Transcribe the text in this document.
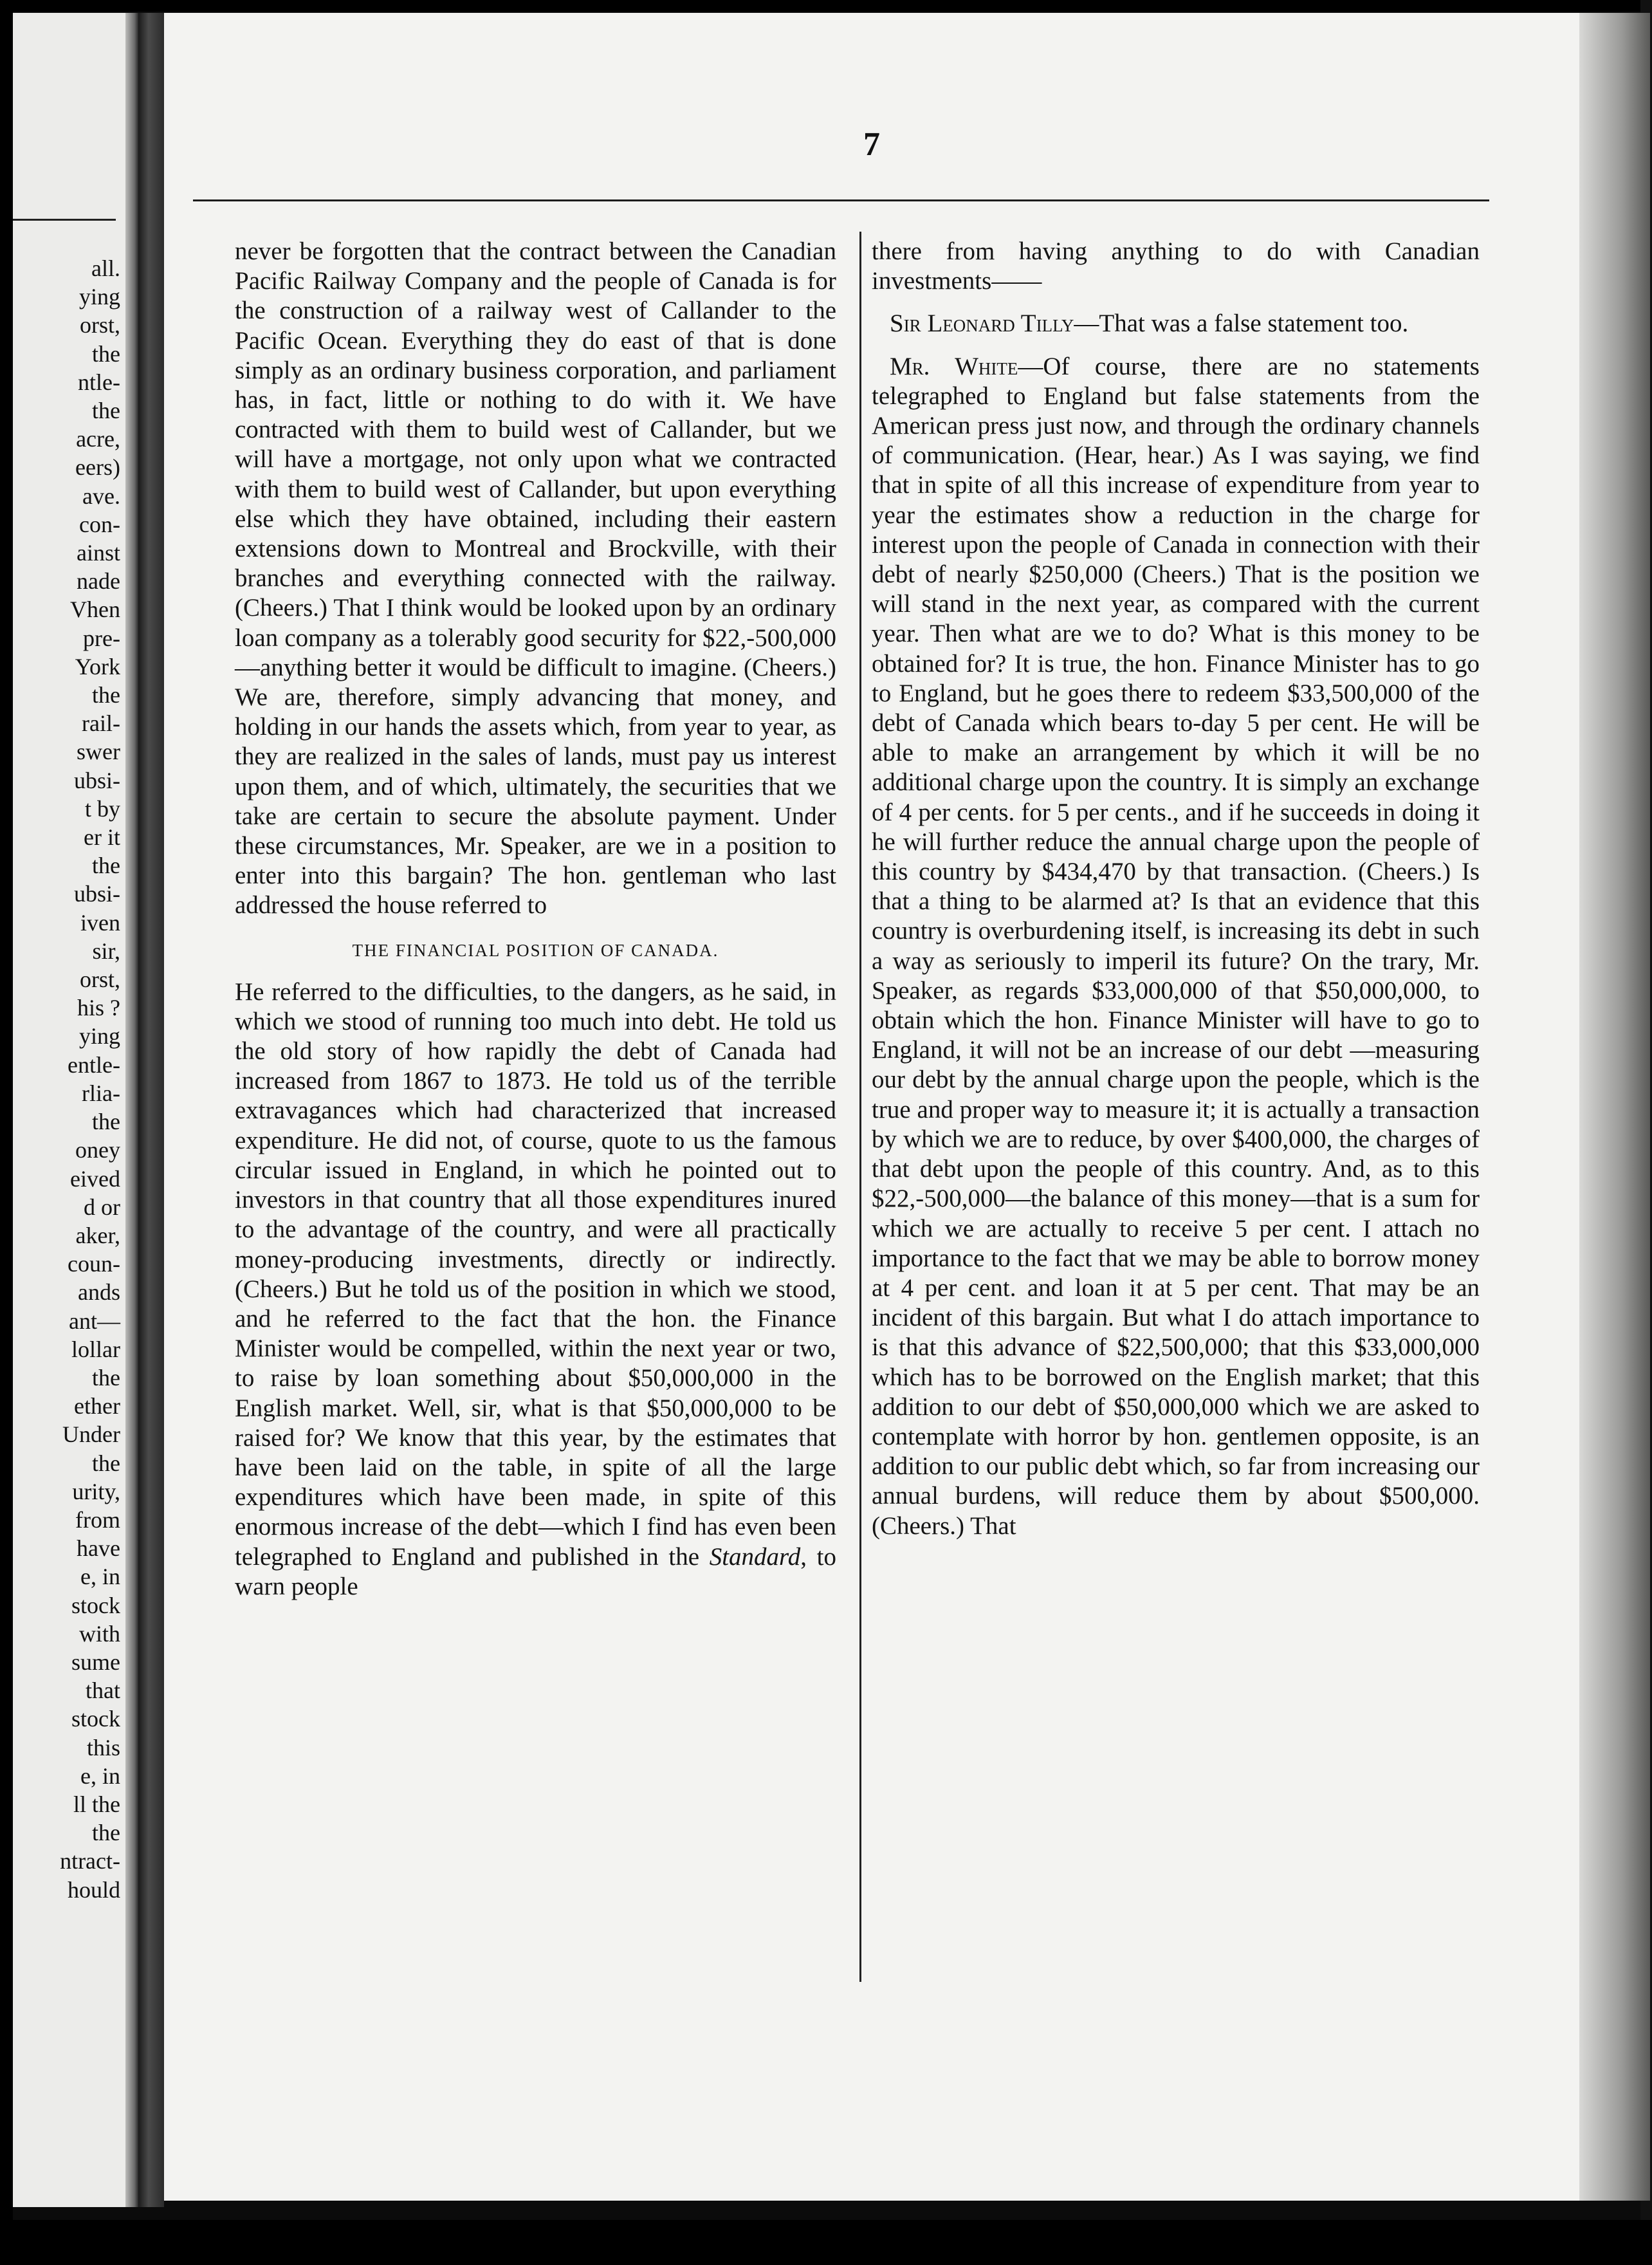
all.
ying
orst,
the
ntle-
the
acre,
eers)
ave.
con-
ainst
nade
Vhen
pre-
York
the
rail-
swer
ubsi-
t by
er it
the
ubsi-
iven
sir,
orst,
his ?
ying
entle-
rlia-
the
oney
eived
d or
aker,
coun-
ands
ant—
lollar
the
ether
Under
the
urity,
from
have
e, in
stock
with
sume
that
stock
this
e, in
ll the
the
ntract-
hould
7

never be forgotten that the contract between the Canadian Pacific Railway Company and the people of Canada is for the construction of a railway west of Callander to the Pacific Ocean. Everything they do east of that is done simply as an ordinary business corporation, and parliament has, in fact, little or nothing to do with it. We have contracted with them to build west of Callander, but we will have a mortgage, not only upon what we contracted with them to build west of Callander, but upon everything else which they have obtained, including their eastern extensions down to Montreal and Brockville, with their branches and everything connected with the railway. (Cheers.) That I think would be looked upon by an ordinary loan company as a tolerably good security for $22,-500,000—anything better it would be difficult to imagine. (Cheers.) We are, therefore, simply advancing that money, and holding in our hands the assets which, from year to year, as they are realized in the sales of lands, must pay us interest upon them, and of which, ultimately, the securities that we take are certain to secure the absolute payment. Under these circumstances, Mr. Speaker, are we in a position to enter into this bargain? The hon. gentleman who last addressed the house referred to

THE FINANCIAL POSITION OF CANADA.

He referred to the difficulties, to the dangers, as he said, in which we stood of running too much into debt. He told us the old story of how rapidly the debt of Canada had increased from 1867 to 1873. He told us of the terrible extravagances which had characterized that increased expenditure. He did not, of course, quote to us the famous circular issued in England, in which he pointed out to investors in that country that all those expenditures inured to the advantage of the country, and were all practically money-producing investments, directly or indirectly. (Cheers.) But he told us of the position in which we stood, and he referred to the fact that the hon. the Finance Minister would be compelled, within the next year or two, to raise by loan something about $50,000,000 in the English market. Well, sir, what is that $50,000,000 to be raised for? We know that this year, by the estimates that have been laid on the table, in spite of all the large expenditures which have been made, in spite of this enormous increase of the debt—which I find has even been telegraphed to England and published in the Standard, to warn people

there from having anything to do with Canadian investments——

Sir Leonard Tilly—That was a false statement too.

Mr. White—Of course, there are no statements telegraphed to England but false statements from the American press just now, and through the ordinary channels of communication. (Hear, hear.) As I was saying, we find that in spite of all this increase of expenditure from year to year the estimates show a reduction in the charge for interest upon the people of Canada in connection with their debt of nearly $250,000 (Cheers.) That is the position we will stand in the next year, as compared with the current year. Then what are we to do? What is this money to be obtained for? It is true, the hon. Finance Minister has to go to England, but he goes there to redeem $33,500,000 of the debt of Canada which bears to-day 5 per cent. He will be able to make an arrangement by which it will be no additional charge upon the country. It is simply an exchange of 4 per cents. for 5 per cents., and if he succeeds in doing it he will further reduce the annual charge upon the people of this country by $434,470 by that transaction. (Cheers.) Is that a thing to be alarmed at? Is that an evidence that this country is overburdening itself, is increasing its debt in such a way as seriously to imperil its future? On the trary, Mr. Speaker, as regards $33,000,000 of that $50,000,000, to obtain which the hon. Finance Minister will have to go to England, it will not be an increase of our debt —measuring our debt by the annual charge upon the people, which is the true and proper way to measure it; it is actually a transaction by which we are to reduce, by over $400,000, the charges of that debt upon the people of this country. And, as to this $22,-500,000—the balance of this money—that is a sum for which we are actually to receive 5 per cent. I attach no importance to the fact that we may be able to borrow money at 4 per cent. and loan it at 5 per cent. That may be an incident of this bargain. But what I do attach importance to is that this advance of $22,500,000; that this $33,000,000 which has to be borrowed on the English market; that this addition to our debt of $50,000,000 which we are asked to contemplate with horror by hon. gentlemen opposite, is an addition to our public debt which, so far from increasing our annual burdens, will reduce them by about $500,000. (Cheers.) That
